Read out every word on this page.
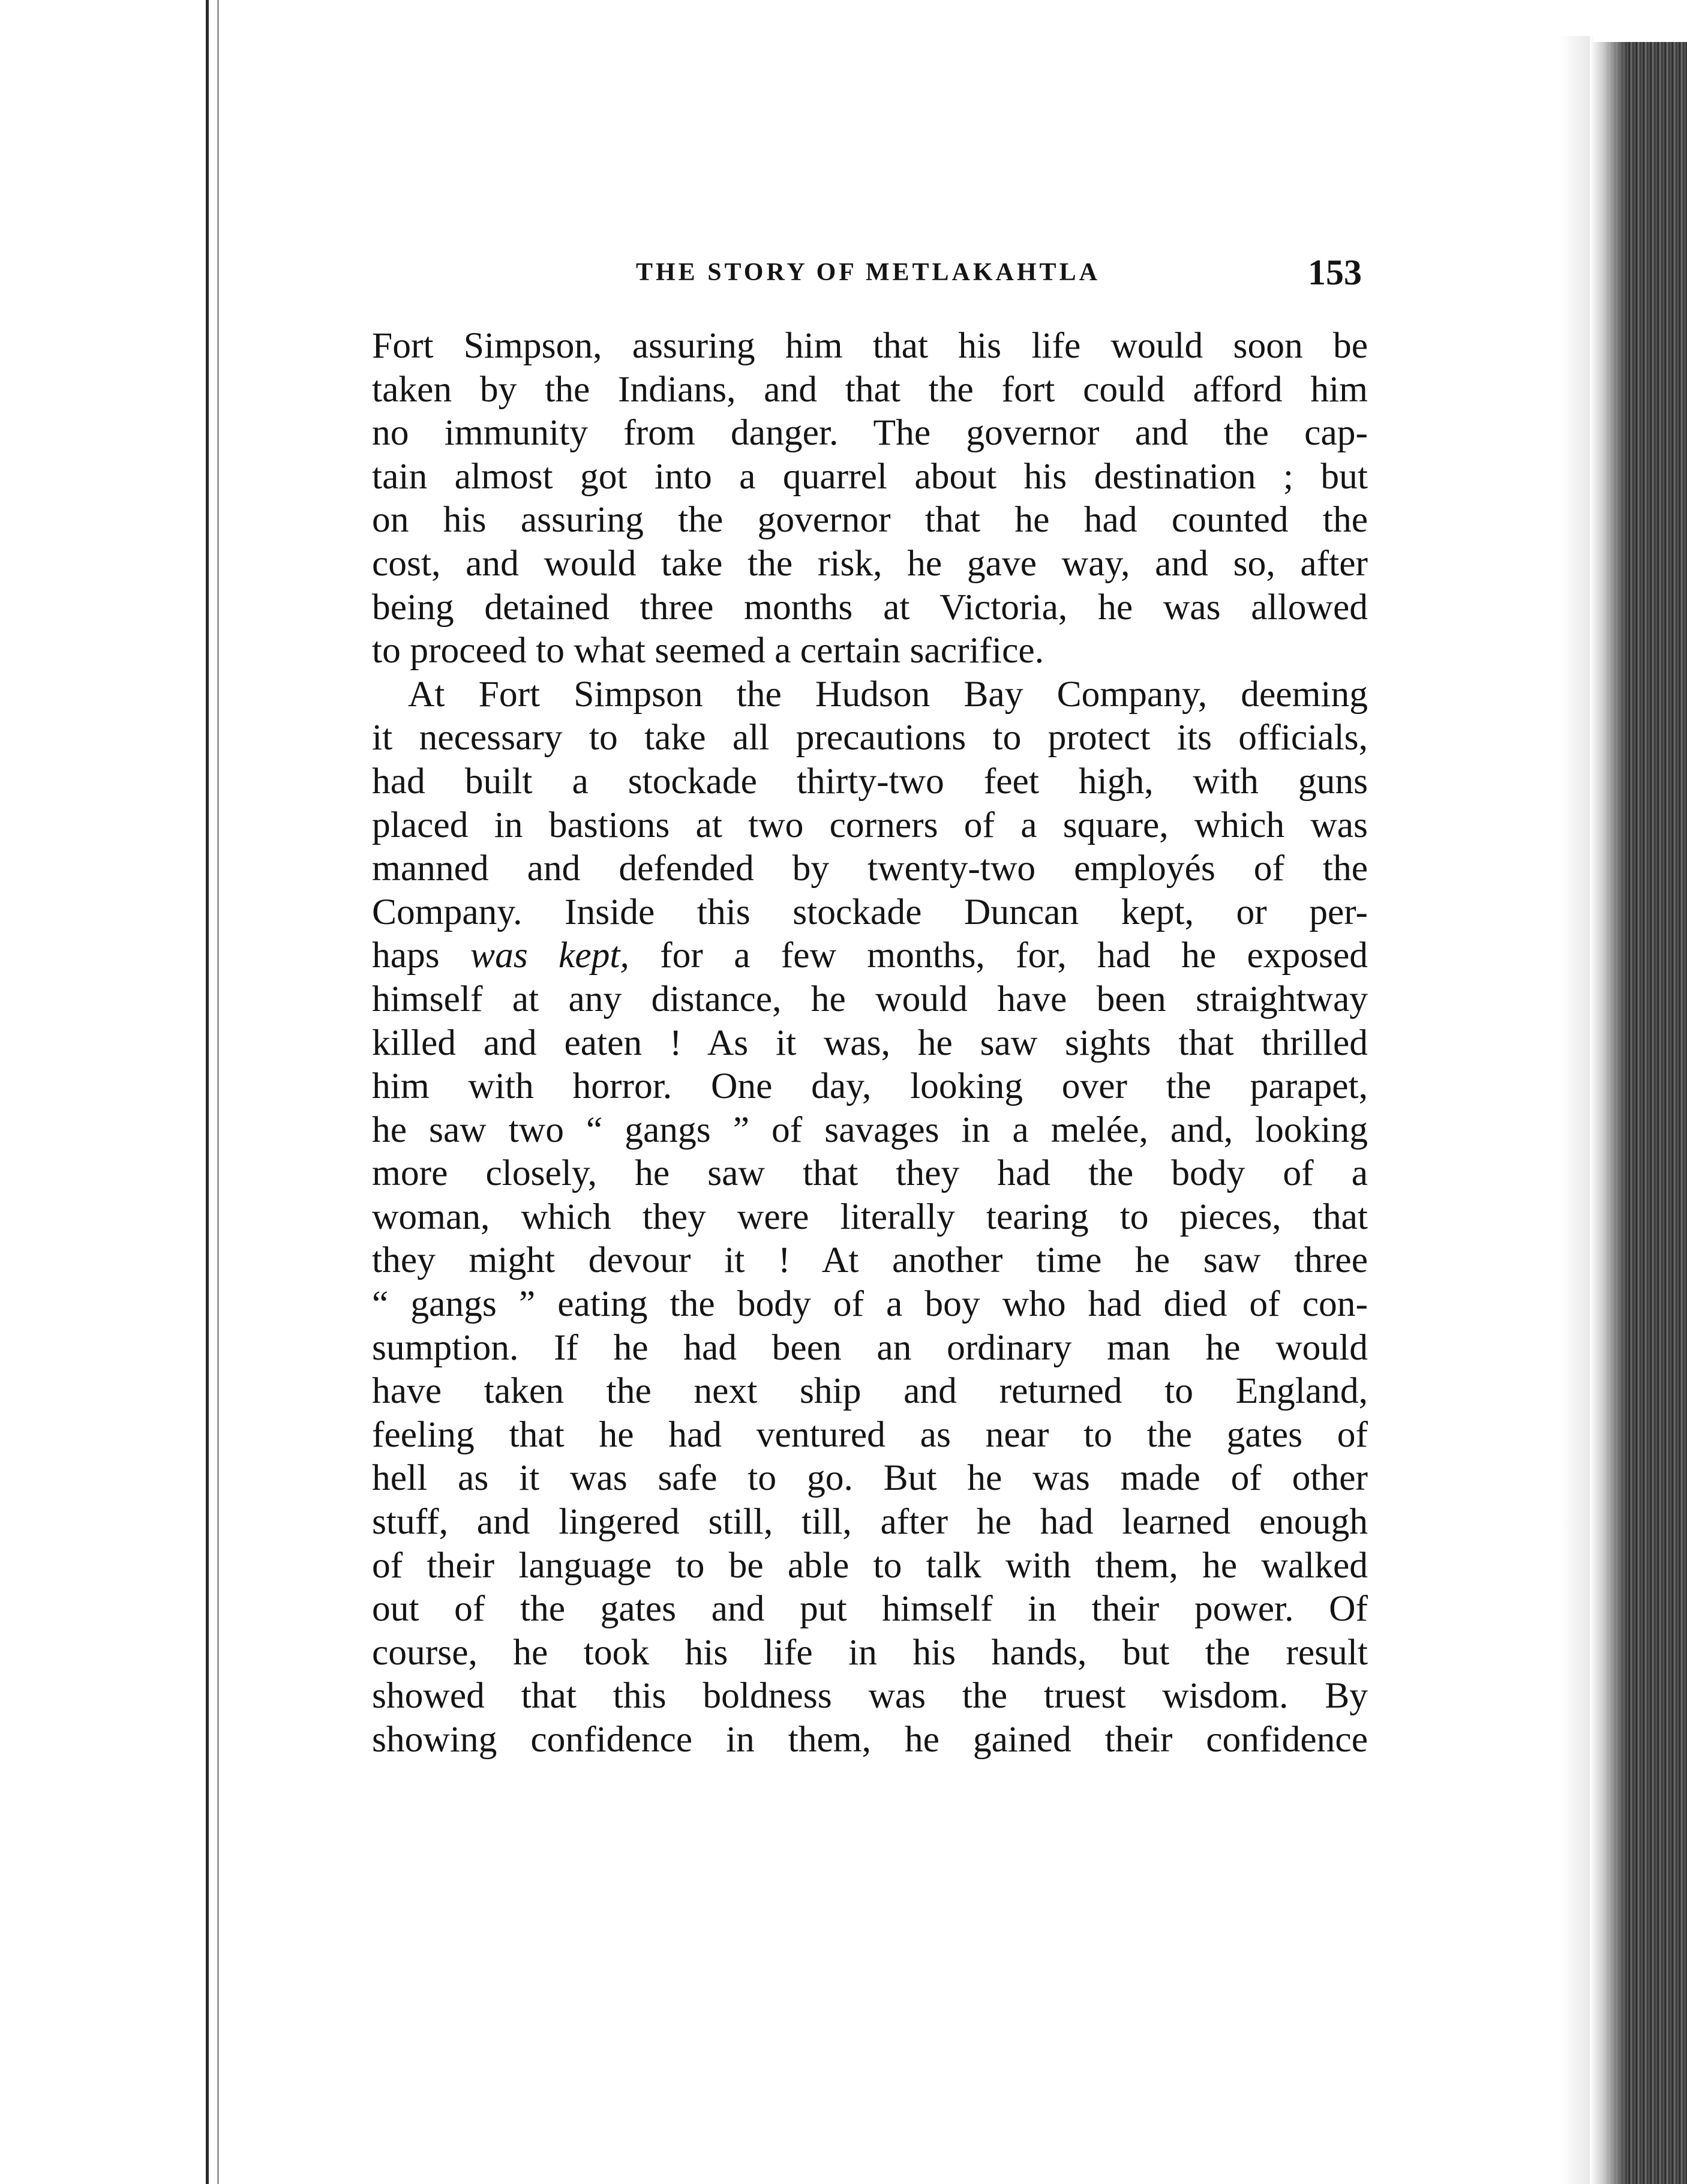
THE STORY OF METLAKAHTLA	153
Fort Simpson, assuring him that his life would soon be
taken by the Indians, and that the fort could afford him
no immunity from danger. The governor and the cap-
tain almost got into a quarrel about his destination ; but
on his assuring the governor that he had counted the
cost, and would take the risk, he gave way, and so, after
being detained three months at Victoria, he was allowed
to proceed to what seemed a certain sacrifice.
At Fort Simpson the Hudson Bay Company, deeming
it necessary to take all precautions to protect its officials,
had built a stockade thirty-two feet high, with guns
placed in bastions at two corners of a square, which was
manned and defended by twenty-two employés of the
Company. Inside this stockade Duncan kept, or per-
haps was kept, for a few months, for, had he exposed
himself at any distance, he would have been straightway
killed and eaten ! As it was, he saw sights that thrilled
him with horror. One day, looking over the parapet,
he saw two “ gangs ” of savages in a melée, and, looking
more closely, he saw that they had the body of a
woman, which they were literally tearing to pieces, that
they might devour it ! At another time he saw three
“ gangs ” eating the body of a boy who had died of con-
sumption. If he had been an ordinary man he would
have taken the next ship and returned to England,
feeling that he had ventured as near to the gates of
hell as it was safe to go. But he was made of other
stuff, and lingered still, till, after he had learned enough
of their language to be able to talk with them, he walked
out of the gates and put himself in their power. Of
course, he took his life in his hands, but the result
showed that this boldness was the truest wisdom. By
showing confidence in them, he gained their confidence
